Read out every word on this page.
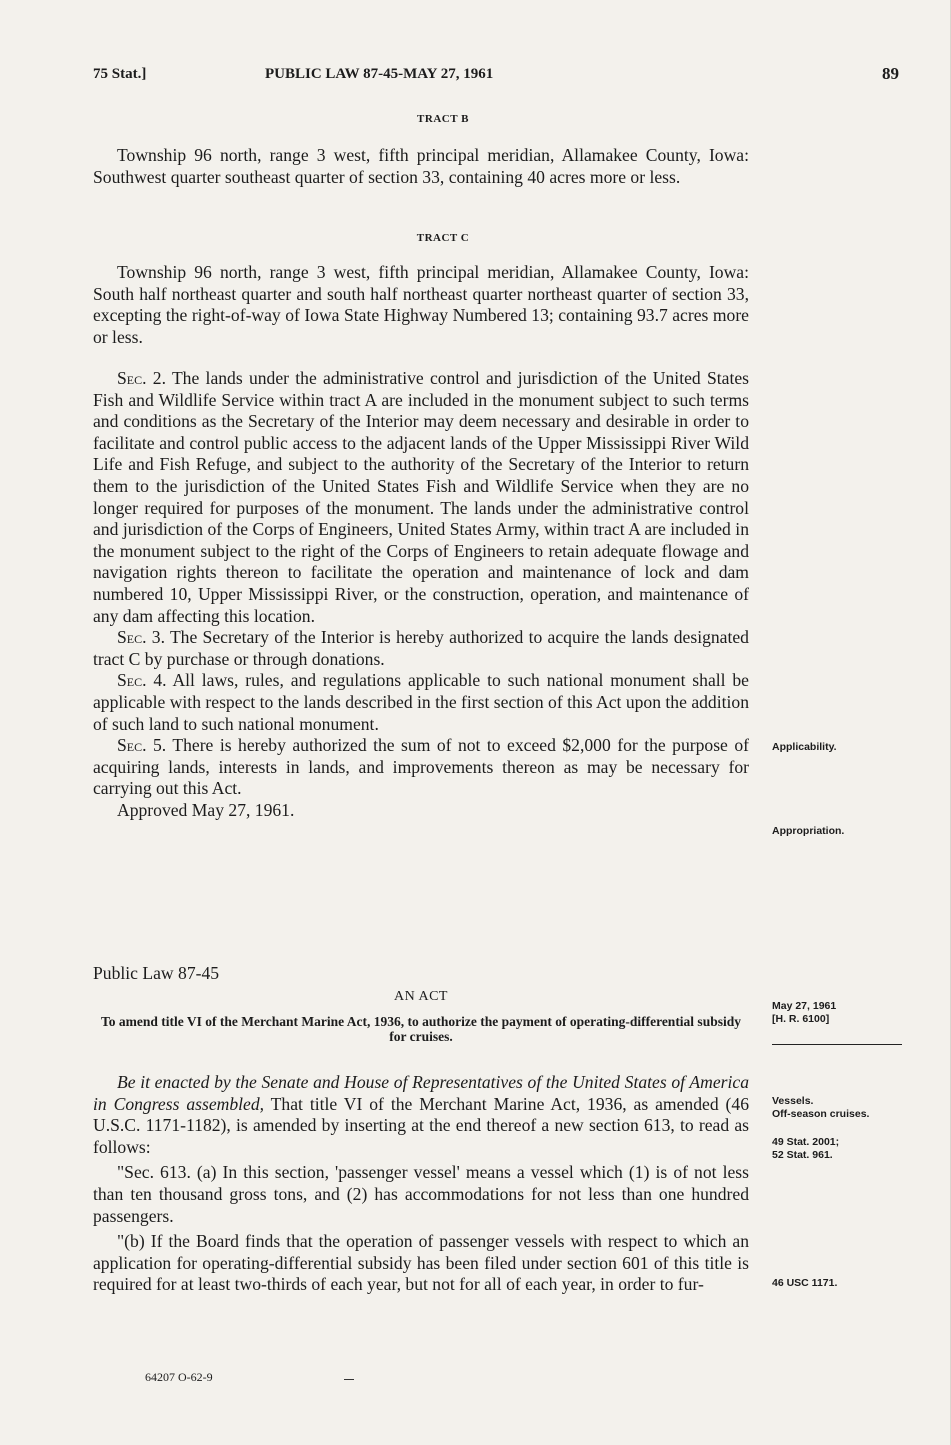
75 Stat.]	PUBLIC LAW 87-45-MAY 27, 1961	89
TRACT B

Township 96 north, range 3 west, fifth principal meridian, Allamakee County, Iowa: Southwest quarter southeast quarter of section 33, containing 40 acres more or less.

TRACT C

Township 96 north, range 3 west, fifth principal meridian, Allamakee County, Iowa: South half northeast quarter and south half northeast quarter northeast quarter of section 33, excepting the right-of-way of Iowa State Highway Numbered 13; containing 93.7 acres more or less.

Sec. 2. The lands under the administrative control and jurisdiction of the United States Fish and Wildlife Service within tract A are included in the monument subject to such terms and conditions as the Secretary of the Interior may deem necessary and desirable in order to facilitate and control public access to the adjacent lands of the Upper Mississippi River Wild Life and Fish Refuge, and subject to the authority of the Secretary of the Interior to return them to the jurisdiction of the United States Fish and Wildlife Service when they are no longer required for purposes of the monument. The lands under the administrative control and jurisdiction of the Corps of Engineers, United States Army, within tract A are included in the monument subject to the right of the Corps of Engineers to retain adequate flowage and navigation rights thereon to facilitate the operation and maintenance of lock and dam numbered 10, Upper Mississippi River, or the construction, operation, and maintenance of any dam affecting this location.

Sec. 3. The Secretary of the Interior is hereby authorized to acquire the lands designated tract C by purchase or through donations.

Sec. 4. All laws, rules, and regulations applicable to such national monument shall be applicable with respect to the lands described in the first section of this Act upon the addition of such land to such national monument.

Sec. 5. There is hereby authorized the sum of not to exceed $2,000 for the purpose of acquiring lands, interests in lands, and improvements thereon as may be necessary for carrying out this Act.

Approved May 27, 1961.

Applicability.
Appropriation.
Public Law 87-45
AN ACT
To amend title VI of the Merchant Marine Act, 1936, to authorize the payment of operating-differential subsidy for cruises.
May 27, 1961
[H. R. 6100]

Be it enacted by the Senate and House of Representatives of the United States of America in Congress assembled, That title VI of the Merchant Marine Act, 1936, as amended (46 U.S.C. 1171-1182), is amended by inserting at the end thereof a new section 613, to read as follows:

"Sec. 613. (a) In this section, 'passenger vessel' means a vessel which (1) is of not less than ten thousand gross tons, and (2) has accommodations for not less than one hundred passengers.

"(b) If the Board finds that the operation of passenger vessels with respect to which an application for operating-differential subsidy has been filed under section 601 of this title is required for at least two-thirds of each year, but not for all of each year, in order to fur-

Vessels.
Off-season cruises.
49 Stat. 2001;
52 Stat. 961.
46 USC 1171.
64207 O-62-9
